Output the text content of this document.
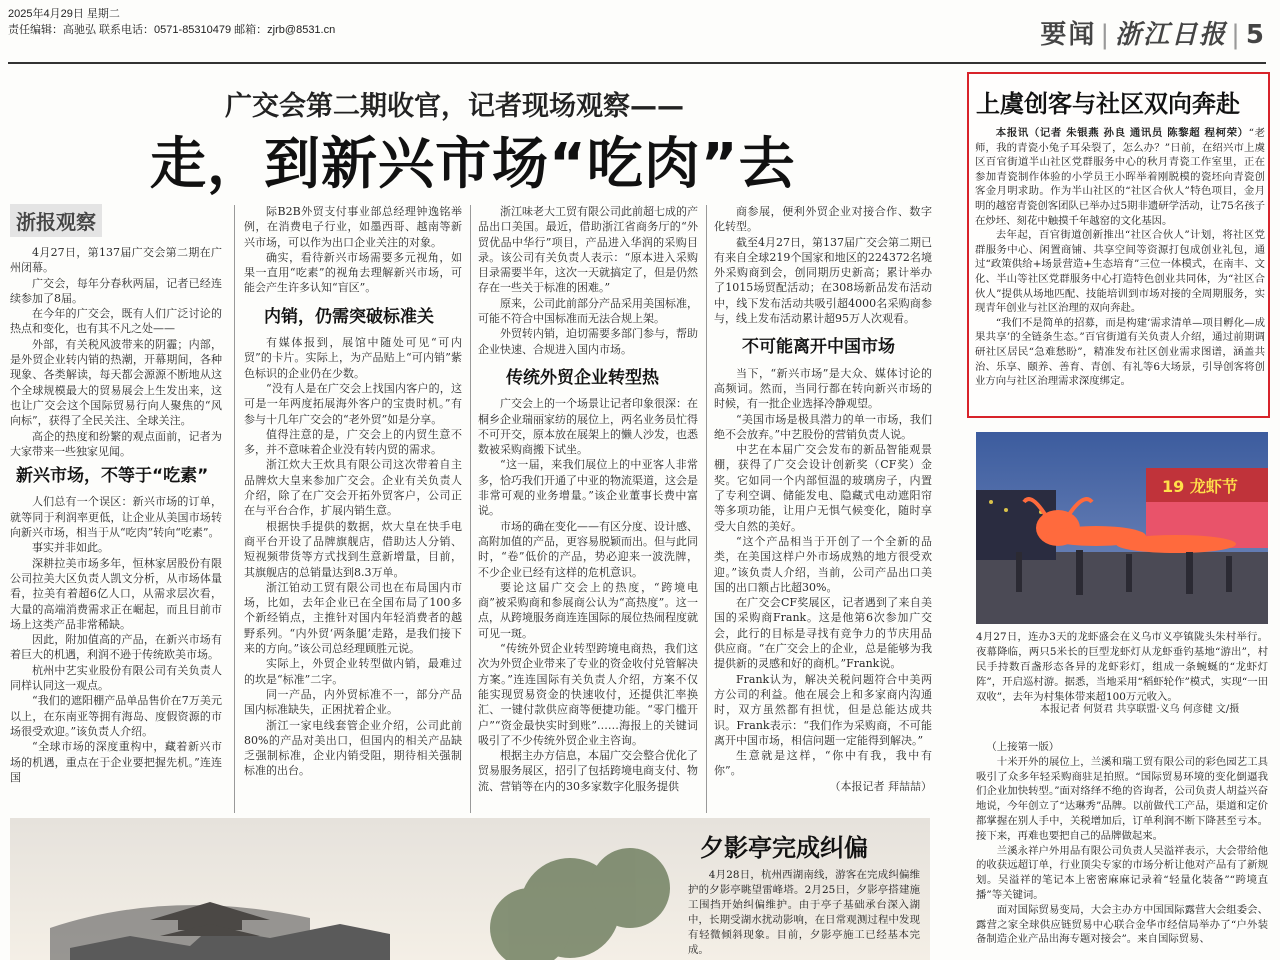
2025年4月29日 星期二
责任编辑：高驰弘 联系电话：0571-85310479 邮箱：zjrb@8531.cn	要闻 | 浙江日报 | 5
广交会第二期收官，记者现场观察——
走，到新兴市场“吃肉”去
浙报观察

4月27日，第137届广交会第二期在广州闭幕。

广交会，每年分春秋两届，记者已经连续参加了8届。

在今年的广交会，既有人们广泛讨论的热点和变化，也有其不凡之处——

外部，有关税风波带来的阴霾；内部，是外贸企业转内销的热潮，开幕期间，各种现象、各类解读，每天都会源源不断地从这个全球规模最大的贸易展会上生发出来，这也让广交会这个国际贸易行向人聚焦的“风向标”，获得了全民关注、全球关注。

高企的热度和纷繁的观点面前，记者为大家带来一些独家见闻。

新兴市场，不等于“吃素”

人们总有一个误区：新兴市场的订单，就等同于利润率更低，让企业从美国市场转向新兴市场，相当于从“吃肉”转向“吃素”。

事实并非如此。

深耕拉美市场多年，恒林家居股份有限公司拉美大区负责人凯文分析，从市场体量看，拉美有着超6亿人口，从需求层次看，大量的高端消费需求正在崛起，而且目前市场上这类产品非常稀缺。

因此，附加值高的产品，在新兴市场有着巨大的机遇，利润不逊于传统欧美市场。

杭州中艺实业股份有限公司有关负责人同样认同这一观点。

“我们的遮阳棚产品单品售价在7万美元以上，在东南亚等拥有海岛、度假资源的市场很受欢迎。”该负责人介绍。

“全球市场的深度重构中，藏着新兴市场的机遇，重点在于企业要把握先机。”连连国

际B2B外贸支付事业部总经理钟逸铭举例，在消费电子行业，如墨西哥、越南等新兴市场，可以作为出口企业关注的对象。

确实，看待新兴市场需要多元视角，如果一直用“吃素”的视角去理解新兴市场，可能会产生许多认知“盲区”。

内销，仍需突破标准关

有媒体报到，展馆中随处可见“可内贸”的卡片。实际上，为产品贴上“可内销”紫色标识的企业仍在少数。

“没有人是在广交会上找国内客户的，这可是一年两度拓展海外客户的宝贵时机。”有参与十几年广交会的“老外贸”如是分享。

值得注意的是，广交会上的内贸生意不多，并不意味着企业没有转内贸的需求。

浙江炊大王炊具有限公司这次带着自主品牌炊大皇来参加广交会。企业有关负责人介绍，除了在广交会开拓外贸客户，公司正在与平台合作，扩展内销生意。

根据快手提供的数据，炊大皇在快手电商平台开设了品牌旗舰店，借助达人分销、短视频带货等方式找到生意新增量，目前，其旗舰店的总销量达到8.3万单。

浙江铂动工贸有限公司也在布局国内市场，比如，去年企业已在全国布局了100多个新经销点，主推针对国内年轻消费者的越野系列。“内外贸‘两条腿’走路，是我们接下来的方向。”该公司总经理顾胜元说。

实际上，外贸企业转型做内销，最难过的坎是“标准”二字。

同一产品，内外贸标准不一，部分产品国内标准缺失，正困扰着企业。

浙江一家电线套管企业介绍，公司此前80%的产品对美出口，但国内的相关产品缺乏强制标准，企业内销受阻，期待相关强制标准的出台。

浙江味老大工贸有限公司此前超七成的产品出口美国。最近，借助浙江省商务厅的“外贸优品中华行”项目，产品进入华润的采购目录。该公司有关负责人表示：“原本进入采购目录需要半年，这次一天就搞定了，但是仍然存在一些关于标准的困难。”

原来，公司此前部分产品采用美国标准，可能不符合中国标准而无法合规上架。

外贸转内销，迫切需要多部门参与，帮助企业快速、合规进入国内市场。

传统外贸企业转型热

广交会上的一个场景让记者印象很深：在桐乡企业瑞丽家纺的展位上，两名业务员忙得不可开交，原本放在展架上的懒人沙发，也悉数被采购商搬下试坐。

“这一届，来我们展位上的中亚客人非常多，恰巧我们开通了中亚的物流渠道，这会是非常可观的业务增量。”该企业董事长费中富说。

市场的确在变化——有区分度、设计感、高附加值的产品，更容易脱颖而出。但与此同时，“卷”低价的产品，势必迎来一波洗牌，不少企业已经有这样的危机意识。

要论这届广交会上的热度，“跨境电商”被采购商和参展商公认为“高热度”。这一点，从跨境服务商连连国际的展位热闹程度就可见一斑。

“传统外贸企业转型跨境电商热，我们这次为外贸企业带来了专业的资金收付兑管解决方案。”连连国际有关负责人介绍，方案不仅能实现贸易资金的快速收付，还提供汇率换汇、一键付款供应商等便捷功能。“零门槛开户”“资金最快实时到账”……海报上的关键词吸引了不少传统外贸企业主咨询。

根据主办方信息，本届广交会整合优化了贸易服务展区，招引了包括跨境电商支付、物流、营销等在内的30多家数字化服务提供

商参展，便利外贸企业对接合作、数字化转型。

截至4月27日，第137届广交会第二期已有来自全球219个国家和地区的224372名境外采购商到会，创同期历史新高；累计举办了1015场贸配活动；在308场新品发布活动中，线下发布活动共吸引超4000名采购商参与，线上发布活动累计超95万人次观看。

不可能离开中国市场

当下，“新兴市场”是大众、媒体讨论的高频词。然而，当同行都在转向新兴市场的时候，有一批企业选择冷静观望。

“美国市场是极具潜力的单一市场，我们绝不会放弃。”中艺股份的营销负责人说。

中艺在本届广交会发布的新品智能观景棚，获得了广交会设计创新奖（CF奖）金奖。它如同一个内部恒温的玻璃房子，内置了专利空调、储能发电、隐藏式电动遮阳帘等多项功能，让用户无惧气候变化，随时享受大自然的美好。

“这个产品相当于开创了一个全新的品类，在美国这样户外市场成熟的地方很受欢迎。”该负责人介绍，当前，公司产品出口美国的出口额占比超30%。

在广交会CF奖展区，记者遇到了来自美国的采购商Frank。这是他第6次参加广交会，此行的目标是寻找有竞争力的节庆用品供应商。“在广交会上的企业，总是能够为我提供新的灵感和好的商机。”Frank说。

Frank认为，解决关税问题符合中美两方公司的利益。他在展会上和多家商内沟通时，双方虽然都有担忧，但是总能达成共识。Frank表示：“我们作为采购商，不可能离开中国市场，相信问题一定能得到解决。”

生意就是这样，“你中有我，我中有你”。

（本报记者 拜喆喆）

上虞创客与社区双向奔赴

本报讯（记者 朱银燕 孙良 通讯员 陈黎超 程柯荣）“老师，我的青瓷小兔子耳朵裂了，怎么办？”日前，在绍兴市上虞区百官街道半山社区党群服务中心的秋月青瓷工作室里，正在参加青瓷制作体验的小学员王小晖举着刚脱模的瓷坯向青瓷创客金月明求助。作为半山社区的“社区合伙人”特色项目，金月明的越窑青瓷创客团队已举办过5期非遗研学活动，让75名孩子在炒坯、刻花中触摸千年越窑的文化基因。

去年起，百官街道创新推出“社区合伙人”计划，将社区党群服务中心、闲置商铺、共享空间等资源打包成创业礼包，通过“政策供给+场景营造+生态培育”三位一体模式，在南丰、文化、半山等社区党群服务中心打造特色创业共同体，为“社区合伙人”提供从场地匹配、技能培训到市场对接的全周期服务，实现青年创业与社区治理的双向奔赴。

“我们不是简单的招募，而是构建‘需求清单—项目孵化—成果共享’的全链条生态。”百官街道有关负责人介绍，通过前期调研社区居民“急难愁盼”，精准发布社区创业需求图谱，涵盖共治、乐享、颐养、善育、青创、有礼等6大场景，引导创客将创业方向与社区治理需求深度绑定。

19 龙虾节
4月27日，连办3天的龙虾盛会在义乌市义亭镇陇头朱村举行。夜幕降临，两只5米长的巨型龙虾灯从龙虾垂钓基地“游出”，村民手持数百盏形态各异的龙虾彩灯，组成一条蜿蜒的“龙虾灯阵”，开启巡村游。据悉，当地采用“稻虾轮作”模式，实现“一田双收”，去年为村集体带来超100万元收入。
本报记者 何贤君 共享联盟·义乌 何彦健 文/摄

（上接第一版）

十米开外的展位上，兰溪和瑞工贸有限公司的彩色园艺工具吸引了众多年轻采购商驻足拍照。“国际贸易环境的变化倒逼我们企业加快转型。”面对络绎不绝的咨询者，公司负责人胡益兴奋地说，今年创立了“达琳秀”品牌。以前做代工产品，渠道和定价都掌握在别人手中，关税增加后，订单利润不断下降甚至亏本。接下来，再难也要把自己的品牌做起来。

兰溪永祥户外用品有限公司负责人吴溢祥表示，大会带给他的收获远超订单，行业顶尖专家的市场分析让他对产品有了新规划。吴溢祥的笔记本上密密麻麻记录着“轻量化装备”“跨境直播”等关键词。

面对国际贸易变局，大会主办方中国国际露营大会组委会、露营之家全球供应链贸易中心联合金华市经信局举办了“户外装备制造企业产品出海专题对接会”。来自国际贸易、

夕影亭完成纠偏

4月28日，杭州西湖南线，游客在完成纠偏维护的夕影亭眺望雷峰塔。2月25日，夕影亭搭建施工围挡开始纠偏维护。由于亭子基础承台深入湖中，长期受湖水扰动影响，在日常观测过程中发现有轻微倾斜现象。目前，夕影亭施工已经基本完成。
